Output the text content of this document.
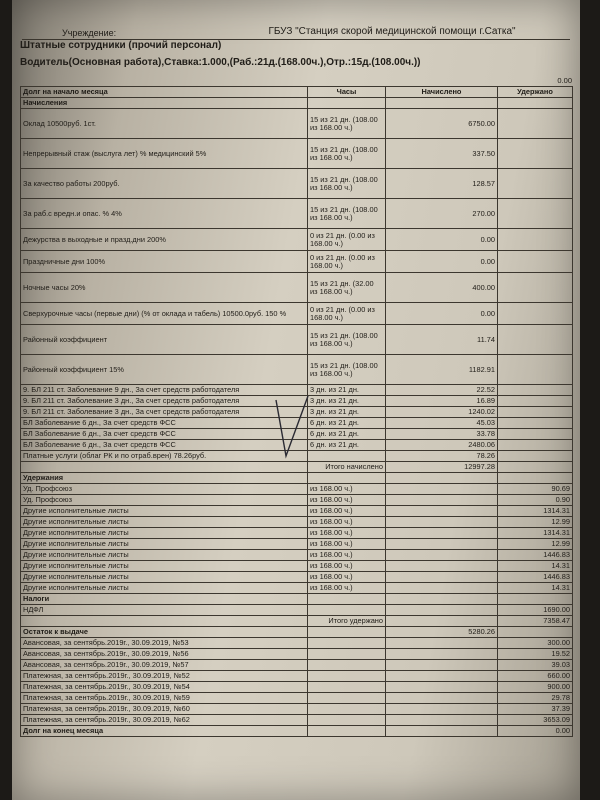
Учреждение:	ГБУЗ "Станция скорой медицинской помощи г.Сатка"
Штатные сотрудники (прочий персонал)
Водитель(Основная работа),Ставка:1.000,(Раб.:21д.(168.00ч.),Отр.:15д.(108.00ч.))
0.00
Долг на начало месяца	Часы	Начислено	Удержано
Начисления			
Оклад 10500руб. 1ст.	15 из 21 дн. (108.00 из 168.00 ч.)	6750.00	
Непрерывный стаж (выслуга лет) % медицинский 5%	15 из 21 дн. (108.00 из 168.00 ч.)	337.50	
За качество работы 200руб.	15 из 21 дн. (108.00 из 168.00 ч.)	128.57	
За раб.с вредн.и опас. % 4%	15 из 21 дн. (108.00 из 168.00 ч.)	270.00	
Дежурства в выходные и празд.дни 200%	0 из 21 дн. (0.00 из 168.00 ч.)	0.00	
Праздничные дни 100%	0 из 21 дн. (0.00 из 168.00 ч.)	0.00	
Ночные часы 20%	15 из 21 дн. (32.00 из 168.00 ч.)	400.00	
Сверхурочные часы (первые дни) (% от оклада и табель) 10500.0руб. 150 %	0 из 21 дн. (0.00 из 168.00 ч.)	0.00	
Районный коэффициент	15 из 21 дн. (108.00 из 168.00 ч.)	11.74	
Районный коэффициент 15%	15 из 21 дн. (108.00 из 168.00 ч.)	1182.91	
9. БЛ 211 ст. Заболевание 9 дн., За счет средств работодателя	3 дн. из 21 дн.	22.52	
9. БЛ 211 ст. Заболевание 3 дн., За счет средств работодателя	3 дн. из 21 дн.	16.89	
9. БЛ 211 ст. Заболевание 3 дн., За счет средств работодателя	3 дн. из 21 дн.	1240.02	
БЛ Заболевание 6 дн., За счет средств ФСС	6 дн. из 21 дн.	45.03	
БЛ Заболевание 6 дн., За счет средств ФСС	6 дн. из 21 дн.	33.78	
БЛ Заболевание 6 дн., За счет средств ФСС	6 дн. из 21 дн.	2480.06	
Платные услуги (облаг РК и по отраб.врен) 78.26руб.		78.26	
	Итого начислено	12997.28	
Удержания			
Уд. Профсоюз	из 168.00 ч.)		90.69
Уд. Профсоюз	из 168.00 ч.)		0.90
Другие исполнительные листы	из 168.00 ч.)		1314.31
Другие исполнительные листы	из 168.00 ч.)		12.99
Другие исполнительные листы	из 168.00 ч.)		1314.31
Другие исполнительные листы	из 168.00 ч.)		12.99
Другие исполнительные листы	из 168.00 ч.)		1446.83
Другие исполнительные листы	из 168.00 ч.)		14.31
Другие исполнительные листы	из 168.00 ч.)		1446.83
Другие исполнительные листы	из 168.00 ч.)		14.31
Налоги			
НДФЛ			1690.00
	Итого удержано		7358.47
Остаток к выдаче		5280.26	
Авансовая, за сентябрь.2019г., 30.09.2019, №53			300.00
Авансовая, за сентябрь.2019г., 30.09.2019, №56			19.52
Авансовая, за сентябрь.2019г., 30.09.2019, №57			39.03
Платежная, за сентябрь.2019г., 30.09.2019, №52			660.00
Платежная, за сентябрь.2019г., 30.09.2019, №54			900.00
Платежная, за сентябрь.2019г., 30.09.2019, №59			29.78
Платежная, за сентябрь.2019г., 30.09.2019, №60			37.39
Платежная, за сентябрь.2019г., 30.09.2019, №62			3653.09
Долг на конец месяца			0.00
